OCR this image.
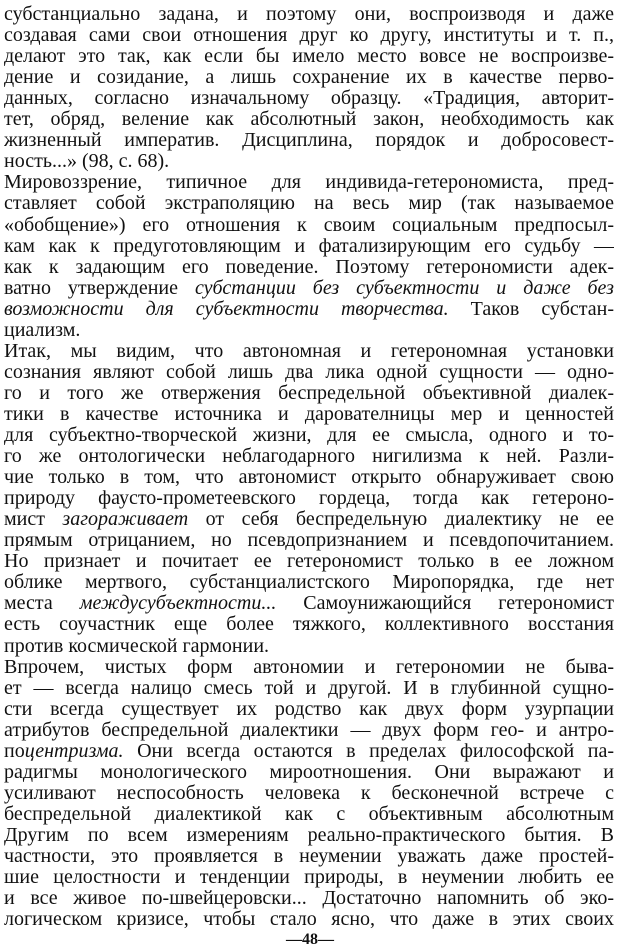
субстанциально задана, и поэтому они, воспроизводя и даже
создавая сами свои отношения друг ко другу, институты и т. п.,
делают это так, как если бы имело место вовсе не воспроизве-
дение и созидание, а лишь сохранение их в качестве перво-
данных, согласно изначальному образцу. «Традиция, авторит-
тет, обряд, веление как абсолютный закон, необходимость как
жизненный императив. Дисциплина, порядок и добросовест-
ность...» (98, с. 68).
Мировоззрение, типичное для индивида-гетерономиста, пред-
ставляет собой экстраполяцию на весь мир (так называемое
«обобщение») его отношения к своим социальным предпосыл-
кам как к предуготовляющим и фатализирующим его судьбу —
как к задающим его поведение. Поэтому гетерономисти адек-
ватно утверждение субстанции без субъектности и даже без
возможности для субъектности творчества. Таков субстан-
циализм.
Итак, мы видим, что автономная и гетерономная установки
сознания являют собой лишь два лика одной сущности — одно-
го и того же отвержения беспредельной объективной диалек-
тики в качестве источника и дарователницы мер и ценностей
для субъектно-творческой жизни, для ее смысла, одного и то-
го же онтологически неблагодарного нигилизма к ней. Разли-
чие только в том, что автономист открыто обнаруживает свою
природу фаусто-прометеевского гордеца, тогда как гетероно-
мист загораживает от себя беспредельную диалектику не ее
прямым отрицанием, но псевдопризнанием и псевдопочитанием.
Но признает и почитает ее гетерономист только в ее ложном
облике мертвого, субстанциалистского Миропорядка, где нет
места междусубъектности... Самоунижающийся гетерономист
есть соучастник еще более тяжкого, коллективного восстания
против космической гармонии.
Впрочем, чистых форм автономии и гетерономии не быва-
ет — всегда налицо смесь той и другой. И в глубинной сущно-
сти всегда существует их родство как двух форм узурпации
атрибутов беспредельной диалектики — двух форм гео- и антро-
поцентризма. Они всегда остаются в пределах философской па-
радигмы монологического мироотношения. Они выражают и
усиливают неспособность человека к бесконечной встрече с
беспредельной диалектикой как с объективным абсолютным
Другим по всем измерениям реально-практического бытия. В
частности, это проявляется в неумении уважать даже простей-
шие целостности и тенденции природы, в неумении любить ее
и все живое по-швейцеровски... Достаточно напомнить об эко-
логическом кризисе, чтобы стало ясно, что даже в этих своих
—48—
